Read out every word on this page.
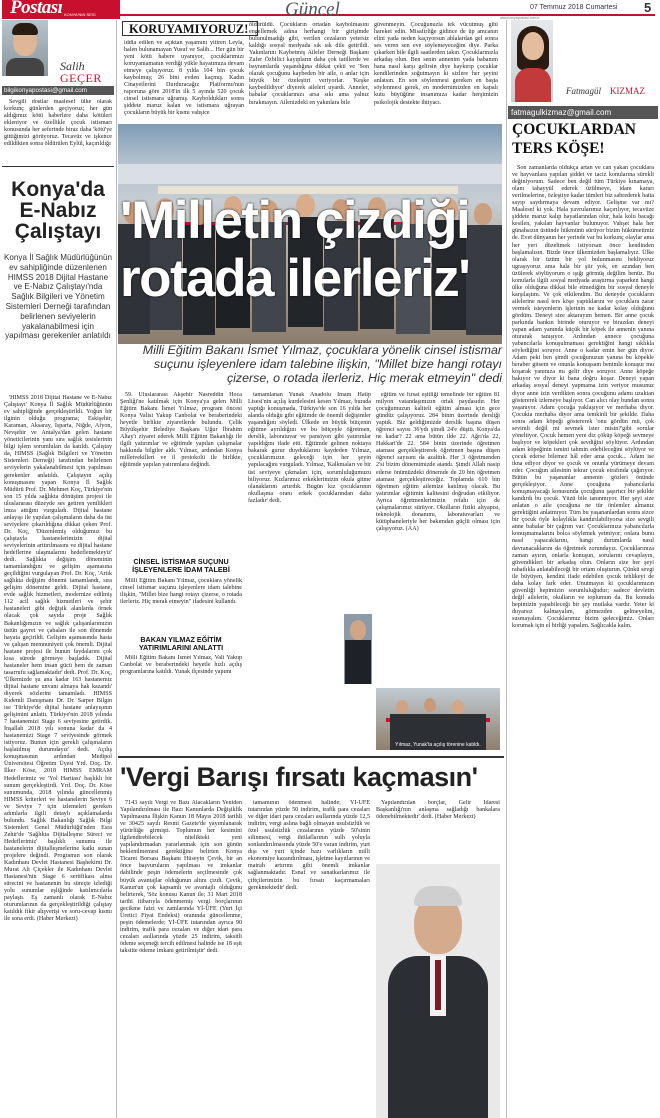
Postası KONYA'NIN SESİ	Güncel	07 Temmuz 2018 Cumartesi 5
www.konyapostasi.com.tr
Salih
GEÇER
bilgikonyapostasi@gmail.com

Sevgili dostlar maalesef ülke olarak korkunç günlerden geçiyoruz; her gün aldığımız kötü haberlere daha kötüleri ekleniyor ve özellikle çocuk istismarı konusunda her seferinde biraz daha 'kötü'ye gittiğimizi görüyoruz. Tecavüz ve işkence edildikten sonra öldürülen Eylül, kaçırıldığı

Konya'da
E-Nabız
Çalıştayı
Konya İl Sağlık Müdürlüğünün ev sahipliğinde düzenlenen HIMSS 2018 Dijital Hastane ve E-Nabız Çalıştayı'nda Sağlık Bilgileri ve Yönetim Sistemleri Derneği tarafından belirlenen seviyelerin yakalanabilmesi için yapılması gerekenler anlatıldı

'HIMSS 2018 Dijital Hastane ve E-Nabız Çalıştayı' Konya İl Sağlık Müdürlüğünün ev sahipliğinde gerçekleştirildi. Yoğun bir ilginin olduğu programa; Eskişehir, Karaman, Aksaray, Isparta, Niğde, Afyon, Nevşehir ve Antalya'dan gelen hastane yöneticilerinin yanı sıra sağlık tesislerinin bilgi işlem sorumluları da katıldı. Çalıştay da, HIMSS (Sağlık Bilgileri ve Yönetim Sistemleri Derneği) tarafından belirlenen seviyelerin yakalanabilmesi için yapılması gerekenler anlatıldı. Çalıştayın açılış konuşmasını yapan Konya İl Sağlık Müdürü Prof. Dr. Mehmet Koç, Türkiye'nin son 15 yılda sağlıkta dönüşüm projesi ile uluslararası düzeyde ses getiren yenilikleri imza attığını vurguladı. Dijital hastane anlayışı ile yapılan çalışmaların daha da üst seviyelere çıkarıldığına dikkat çeken Prof. Dr. Koç, 'Düzenlemiş olduğumuz bu çalıştayla hastanelerimizin dijital seviyelerinin arttırılmasını ve dijital hastane hedeflerine ulaşmalarını hedeflemekteyiz' dedi. Sağlıkta değişim döneminin tamamlandığını ve gelişim aşamasına geçildiğini vurgulayan Prof. Dr. Koç, 'Artık sağlıkta değişim dönemi tamamlandı, sıra gelişim dönemine geldi. Dijital hastane, evde sağlık hizmetleri, modernize edilmiş 112 acil sağlık hizmetleri ve şehir hastaneleri gibi değişik alanlarda örnek olacak çok sayıda proje Sağlık Bakanlığımızın ve sağlık çalışanlarımızın üstün gayret ve çabaları ile son dönemde hayata geçirildi. Gelişim aşamasında hasta ve çalışan memnuniyeti çok önemli. Dijital hastane projesi ile bunun faydalarını çok kısa sürede görmeye başladık. Dijital hastaneler hem insan gücü hem de zaman tasarrufu sağlamaktadır' dedi. Prof. Dr. Koç, 'Ülkemizde şu ana kadar 163 hastanemiz dijital hastane unvanı almaya hak kazandı' diyerek sözlerini tamamladı. HIMSS Kıdemli Danışmanı Dr. Dr. Sarper Bilgin ise Türkiye'de dijital hastane anlayışının gelişimini anlattı. Türkiye'nin 2018 yılında 7 hastanemizi Stage 6 seviyesine getirdik. İnşallah 2018 yılı sonuna kadar da 4 hastanemizi Stage 7 seviyesinde görmek istiyoruz. Bunun için gerekli çalışmaların başlatılmış durumdayız' dedi. Açılış konuşmasının ardından Medipol Üniversitesi Öğretim Üyesi Yrd. Doç. Dr. İlker Köse, 2018 HIMSS EMRAM Hedeflerimiz ve 'Yol Haritası' başlıklı bir sunum gerçekleştirdi. Yrd. Doç. Dr. Köse sunumunda, 2018 yılında güncellenmiş HIMSS kriterleri ve hastanelerin Seviye 6 ve Seviye 7 için izlemeleri gereken adımlarla ilgili detaylı açıklamalarda bulundu. Sağlık Bakanlığı Sağlık Bilgi Sistemleri Genel Müdürlüğü'nden Esra Zehir'de 'Sağlıkta Dijitalleşme Süreci ve Hedeflerimiz' başlıklı sunumu ile hastanelerin dijitalleşmelerine katkı sunan projelere değindi. Programın son olarak Kadınhanı Devlet Hastanesi Başhekimi Dr. Murat Ali Çiçekler ile Kadınhanı Devlet Hastanesi'nin Stage 6 sertifikası alma sürecini ve hastanenin bu süreçte izlediği yolu sunumlar eşliğinde katılımcılarla paylaştı. Eş zamanlı olarak E-Nabız oturumlarının da gerçekleştirildiği çalıştay katıldık fikir alışverişi ve soru-cevap kısmı ile sona erdi. (Haber Merkezi)

KORUYAMIYORUZ!

iddia edilen ve açıktan yaşamını yitiren Leyla, halen bulunamayan Yusuf ve Salih... Her gün bir yeni kötü habere uyanıyor, çocuklarımızı koruyamamanın verdiği yükle hayatımıza devam etmeye çalışıyoruz. 8 yılda 104 bin çocuk kaybolmuş; 26 bini evden kaçmış. Kadın Cinayetlerini Durduracağız Platformu'nun raporuna göre 2018'in ilk 5 ayında 520 çocuk cinsel istismara uğramış. Kayboldukları sonra şiddete maruz kalan ve istismara uğrayan çocukların büyük bir kısmı vahşice

öldürüldü. Çocukların ortadan kaybolmasını engellemek adına herhangi bir girişimde bulunulmadığı gibi, verilen cezaların yetersiz kaldığı sosyal medyada sık sık dile getirildi. Yakınlarını Kaybetmiş Aileler Derneği Başkanı Zafer Özbilici kayıpların daha çok tatillerde ve bayramlarda yaşandığına dikkat çekti ve 'Son olarak çocuğunu kaybeden bir aile, o anlar için büyük bir özeleştiri veriyorlar. 'Keşke kaybedildiyor' diyerek aileleri uyardı. Anneler, babalar çocuklarınızı arsa sıkı ama yalnız bırakmayın. Ailenizdeki en yakınlara bile

güvenmeyin. Çocuğunuzla tek vücutmuş gibi hareket edin. Misafirliğe gidince de üp amcanın elini yada neden kaçıyorsun ablalardan gel sonra ses veren sen eve söylemeyeceğim diye. Parka çıkarken bile ilgili saatlerden takın. Çocuklarınızla arkadaş olun. Ben senin annenim yada babanım bana nasıl karşı gelirsin diye haykırıp çocuklar kendilerinden soğutmayın ki sizlere her şeyini anlatsın. En son söylenmesi gereken en başta söylenmesi gerek, en modernimizden en kapalı kutu büyüğüne insanımıza kadar herşimizin psikolojik destekte ihtiyacı.

'Milletin çizdiği
rotada ilerleriz'
Milli Eğitim Bakanı İsmet Yılmaz, çocuklara yönelik cinsel istismar suçunu işleyenlere idam talebine ilişkin, "Millet bize hangi rotayı çizerse, o rotada ilerleriz. Hiç merak etmeyin" dedi

59. Uluslararası Akşehir Nasreddin Hoca Şenliği'ne katılmak için Konya'ya gelen Milli Eğitim Bakanı İsmet Yılmaz, program öncesi Konya Valisi Yakup Canbolat ve beraberindeki heyetle birlikte ziyaretlerde bulundu. Çelik Büyükşehir Belediye Başkanı Uğur İbrahim Altay'ı ziyaret ederek Milli Eğitim Bakanlığı ile ilgili yatırımlar ve eğitimde yapılan çalışmalar hakkında bilgiler aldı. Yılmaz, ardından Konya milletvekilleri ve il protokolü ile birlikte, eğitimde yapılan yatırımlara değindi.

CİNSEL İSTİSMAR SUÇUNU İŞLEYENLERE İDAM TALEBİ

Milli Eğitim Bakanı Yılmaz, çocuklara yönelik cinsel istismar suçunu işleyenlere idam talebine ilişkin, "Millet bize hangi rotayı çizerse, o rotada ilerleriz. Hiç merak etmeyin" ifadesini kullandı.

BAKAN YILMAZ EĞİTİM YATIRIMLARINI ANLATTI

Milli Eğitim Bakanı İsmet Yılmaz, Vali Yakup Canbolat ve beraberindeki heyetle hızlı açılış programlarına katıldı. Yunak ilçesinde yapımı

tamamlanan Yunak Anadolu İmam Hatip Lisesi'nin açılış kurdelesini kesen Yılmaz, burada yaptığı konuşmada, Türkiye'de son 16 yılda her alanda olduğu gibi eğitimde de önemli değişimler yaşandığını söyledi. Ülkede en büyük bütçenin eğitime ayrıldığını ve bu bütçeyle öğretmen, derslik, laboratuvar ve pansiyon gibi yatırımlar yapıldığını ifade etti. Eğitimde gelinen noktaya bakarak gurur duyduklarını kaydeden Yılmaz, çocuklarımızın geleceği için her şeyin yapılacağını vurguladı. Yılmaz, 'Kalkmaları ve bir üst seviyeye çıkmaları için, sorumluluğumuzu biliyoruz. Kızlarımız erkeklerimizin okula gitme olanaklarını artırdık. Bugün kız çocuklarının okullaşma oranı erkek çocuklarından daha fazladır' dedi.

eğitim ve fırsat eşitliği temelinde bir eğitim 81 milyon vatandaşımızın ortak paydasıdır. Her çocuğumuzun kaliteli eğitim alması için gece gündüz çalışıyoruz. 284 binin üzerinde dersliği yaptık. Biz geldiğimizde derslik başına düşen öğrenci sayısı 36'ydı şimdi 24'e düştü. Konya'da ne kadar? 22 ama bütün ilde 22. Ağrı'da 22, Hakkari'de 22. 584 binin üzerinde öğretmen ataması gerçekleştirerek öğretmen başına düşen öğrenci sayısını da azalttık. Her 3 öğretmenden 2'si bizim dönemimizde atandı. Şimdi Allah nasip ederse önümüzdeki dönemde de 20 bin öğretmen ataması gerçekleştireceğiz. Toplamda 610 bin öğretmen eğitim ailemize katılmış olacak. Bu yatırımlar eğitimin kalitesini doğrudan etkiliyor. Ayrıca öğretmenlerimizin refahı için de çalışmalarımız sürüyor. Okulların fiziki altyapısı, teknolojik donanımı, laboratuvarları ve kütüphaneleriyle her bakımdan güçlü olması için çalışıyoruz. (AA)

Yılmaz, Yunak'ta açılış törenine katıldı.
'Vergi Barışı fırsatı kaçmasın'

7143 sayılı Vergi ve Bazı Alacakların Yeniden Yapılandırılması ile Bazı Kanunlarda Değişiklik Yapılmasına İlişkin Kanun 18 Mayıs 2018 tarihli ve 30425 sayılı Resmi Gazete'de yayımlanarak yürürlüğe girmişti. Toplumun her kesimini ilgilendirebilecek nitelikteki yeni yapılandırmadan yararlanmak için son günün beklenilmemesi gerektiğine belirten Konya Ticaret Borsası Başkanı Hüseyin Çevik, bir an önce başvuruların yapılması ve imkanlar dahilinde peşin ödemelerin seçilmesinde çok büyük avantajlar olduğunun altını çizdi. Çevik, Kanun'un çok kapsamlı ve avantajlı olduğunu belirterek, 'Söz konusu Kanun ile; 31 Mart 2018 tarihi itibarıyla ödenmemiş vergi borçlarının gecikme faizi ve zamlarında Yİ-ÜFE (Yurt İçi Üretici Fiyat Endeksi) oranında güncellenme, peşin ödemelerde; Yİ-ÜFE tutarından ayrıca 90 indirim, trafik para cezaları ve diğer idari para cezaları asıllarında yüzde 25 indirim, taksitli ödeme seçeneği tercih edilmesi halinde ise 18 eşit taksitte ödeme imkanı getirilmiştir' dedi.

tamamının ödenmesi halinde; Yİ-ÜFE tutarından yüzde 50 indirim, trafik para cezaları ve diğer idari para cezaları asıllarında yüzde 12,5 indirim, vergi aslına bağlı olmayan usulsüzlük ve özel usulsüzlük cezalarının yüzde 50'sinin silinmesi, vergi ihtilaflarının sulh yoluyla sonlandırılmasında yüzde 50'e varan indirim, yurt dışı ve yurt içinde bazı varlıkların milli ekonomiye kazandırılması, işletme kayıtlarının ve matrah artırımı gibi önemli imkanlar sağlanmaktadır. Esnaf ve sanatkarlarımız ile çiftçilerimizin bu fırsatı kaçırmamaları gerekmektedir' dedi.

Yapılandırılan borçlar, Gelir İdaresi Başkanlığı'nın anlaşma sağladığı bankalara ödenebilmektedir' dedi. (Haber Merkezi)

Fatmagül KIZMAZ
fatmagulkizmaz@gmail.com
ÇOCUKLARDAN
TERS KÖŞE!

Son zamanlarda oldukça artan ve can yakan çocuklara ve hayvanlara yapılan şiddet ve taciz konularına sürekli değiniyorum. Sadece ben değil tüm Türkiye kınamaya, olanı tahayyül ederek üzülmeye, idam kararı verilmelerine, özleştiye kadar tümleri biz sabrederek hatta sayıp saydırmaya devam ediyor. Gelişme var mı? Maalesef ki yok. Hala yavrularımız kaçırılıyor, tecavüze şiddete maruz kalıp hayatlarından olur, hala kolu bacağı kesilen, yakılan hayvanlar bulunuyor. Vahşet hala her günahsızın üstünde hükmünü sürüyor bizim hükümetimiz de. Evet dünyanın her yerinde var bu korkunç olaylar ama her yeri düzeltmek istiyorsan önce kendinden başlamalısın. Bizde önce ülkemizden başlamalıyız. Ülke olarak bir üzüm bir yol bulunmasını bekliyoruz ugraşıyoruz ama hala bir şiir yok, en azından ben üzülerek söylüyorum o ışığı görmüş değilim henüz. Bu konularla ilgili sosyal medyada araştırma yaparken hangi ülke olduğuna dikkat bile etmediğim bir sosyal deneyle karşılaştım. Ve çok etkilendim. Bu deneyde çocukların ailelerine nasıl ters köşe yaptıklarını ve çocuklara zarar vermek isteyenlerin işlerinin ne kadar kolay olduğunu gördüm. Deneyi size aktarayım hemen. Bir anne çocuk parkında bankın birinde oturuyor ve birazdan deneyi yapan adam yanında küçük bir köpek ile annenin yanına oturarak tanışıyor. Ardından annece çocuğuna yabancılarla konuşulmaması gerektiğini hangi sıklıkla söylediğini soruyor. Anne o kadar emin her gün diyor. Adam peki ben şimdi çocuğunuzun yanına bu köpekle beraber gitsem ve onunla konuşsam benimle konuşur mu koşarak yanınıza mı gelir diye soruyor. Anne köpeğe bakıyor ve diyor ki bana doğru koşar. Deneyi yapan arkadaş sosyal deneyi yapmama izin veriyor musunuz diyor anne izin verdikten sonra çocuğunu adamı uzaktan göstererek izlemeye başlıyor. Can alıcı olay bundan sonra yaşanıyor. Adam çocuğa yaklaşıyor ve merhaba diyor. Çocukta merhaba diyor ama temkinli bir şekilde. Daha sonra adam köpeği göstererek 'onu gördün mü, çok sevimli değil mi sevmek ister misin?'gibi sorular yöneltiyor. Çocuk hemen yere diz çöküp köpeği sevmeye başlıyor ve köpekleri çok sevdiğini söylüyor. Ardından adam köpeğinin ismini tahmin edebileceğini söylüyor ve çocuk ederse bilemez hâl eder ama çocuk... Adam ise ikna ediyor diyor ve çocuk ve onunla yürümeye devam eder. Çocuğun ailesinin tekrar çocuk etrafında çağırıyor. Bütün bu yaşananlar annenin gözleri önünde gerçekleşiyor. Anne çocuğuna yabancılarla konuşmayacağı konusunda çocuğunu şaşırtıcı bir şekilde kandırdı bu çocuk. Yüzü bile tanınmıyor. Her şeyi size anlatan o aile çocuğuna ne tür önlemler almanız gerektiğini anlatmıyor. Tüm bu yaşananlardan sonra sizce bir çocuk öyle kolaylıkla kandırılabiliyorsa size sevgili anne babalar bir çağrım var. Çocuklarınıza yabancılarla konuşmamalarını bolca söylemek yetmiyor; onlara bunu nasıl yapacaklarını, hangi durumlarda nasıl davranacaklarını da öğretmek zorundayız. Çocuklarınıza zaman ayırın, onlarla konuşun, sorularını cevaplayın, güvendikleri bir arkadaş olun. Onların size her şeyi rahatlıkla anlatabileceği bir ortam oluşturun. Çünkü sevgi ile büyüyen, kendini ifade edebilen çocuk tehlikeyi de daha kolay fark eder. Unutmayın ki çocuklarımızın güvenliği hepimizin sorumluluğudur; sadece devletin değil ailelerin, okulların ve toplumun da. Bu konuda hepimizin yapabileceği bir şey mutlaka vardır. Yeter ki duyarsız kalmayalım, görmezden gelmeyelim, susmayalım. Çocuklarımız bizim geleceğimiz. Onları korumak için el birliği yapalım. Sağlıcakla kalın.
